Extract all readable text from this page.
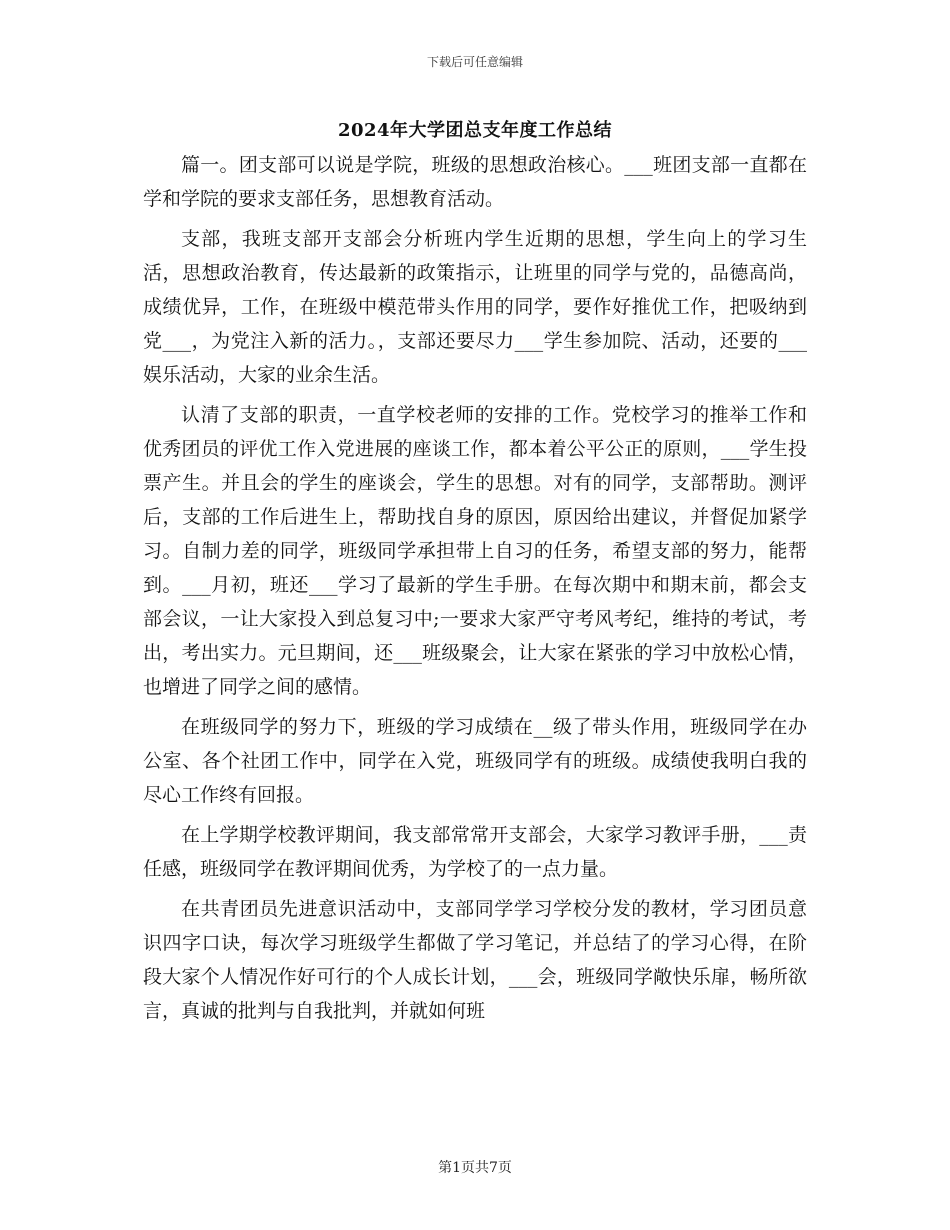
下载后可任意编辑
2024年大学团总支年度工作总结

篇一。团支部可以说是学院，班级的思想政治核心。___班团支部一直都在学和学院的要求支部任务，思想教育活动。

支部，我班支部开支部会分析班内学生近期的思想，学生向上的学习生活，思想政治教育，传达最新的政策指示，让班里的同学与党的，品德高尚，成绩优异，工作，在班级中模范带头作用的同学，要作好推优工作，把吸纳到党___，为党注入新的活力。，支部还要尽力___学生参加院、活动，还要的___娱乐活动，大家的业余生活。

认清了支部的职责，一直学校老师的安排的工作。党校学习的推举工作和优秀团员的评优工作入党进展的座谈工作，都本着公平公正的原则，___学生投票产生。并且会的学生的座谈会，学生的思想。对有的同学，支部帮助。测评后，支部的工作后进生上，帮助找自身的原因，原因给出建议，并督促加紧学习。自制力差的同学，班级同学承担带上自习的任务，希望支部的努力，能帮到。___月初，班还___学习了最新的学生手册。在每次期中和期末前，都会支部会议，一让大家投入到总复习中;一要求大家严守考风考纪，维持的考试，考出，考出实力。元旦期间，还___班级聚会，让大家在紧张的学习中放松心情，也增进了同学之间的感情。

在班级同学的努力下，班级的学习成绩在__级了带头作用，班级同学在办公室、各个社团工作中，同学在入党，班级同学有的班级。成绩使我明白我的尽心工作终有回报。

在上学期学校教评期间，我支部常常开支部会，大家学习教评手册，___责任感，班级同学在教评期间优秀，为学校了的一点力量。

在共青团员先进意识活动中，支部同学学习学校分发的教材，学习团员意识四字口诀，每次学习班级学生都做了学习笔记，并总结了的学习心得，在阶段大家个人情况作好可行的个人成长计划，___会，班级同学敞快乐扉，畅所欲言，真诚的批判与自我批判，并就如何班

第1页共7页
